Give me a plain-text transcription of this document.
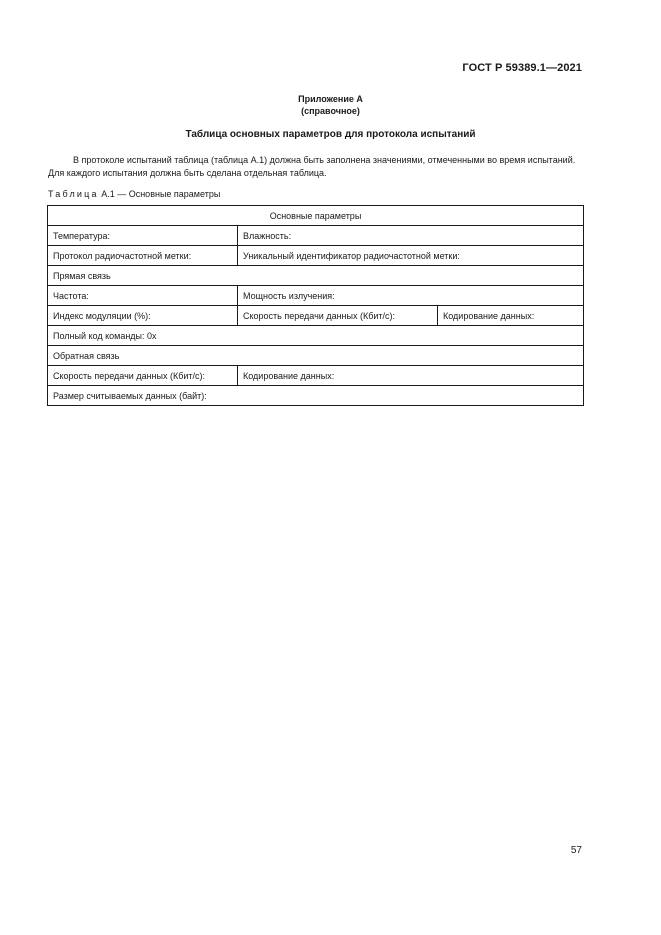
ГОСТ Р 59389.1—2021
Приложение А
(справочное)
Таблица основных параметров для протокола испытаний

В протоколе испытаний таблица (таблица А.1) должна быть заполнена значениями, отмеченными во время испытаний. Для каждого испытания должна быть сделана отдельная таблица.

Таблица А.1 — Основные параметры
Основные параметры		
Температура:	Влажность:	
Протокол радиочастотной метки:	Уникальный идентификатор радиочастотной метки:	
Прямая связь		
Частота:	Мощность излучения:	
Индекс модуляции (%):	Скорость передачи данных (Кбит/с):	Кодирование данных:
Полный код команды: 0x		
Обратная связь		
Скорость передачи данных (Кбит/с):	Кодирование данных:	
Размер считываемых данных (байт):		
57
